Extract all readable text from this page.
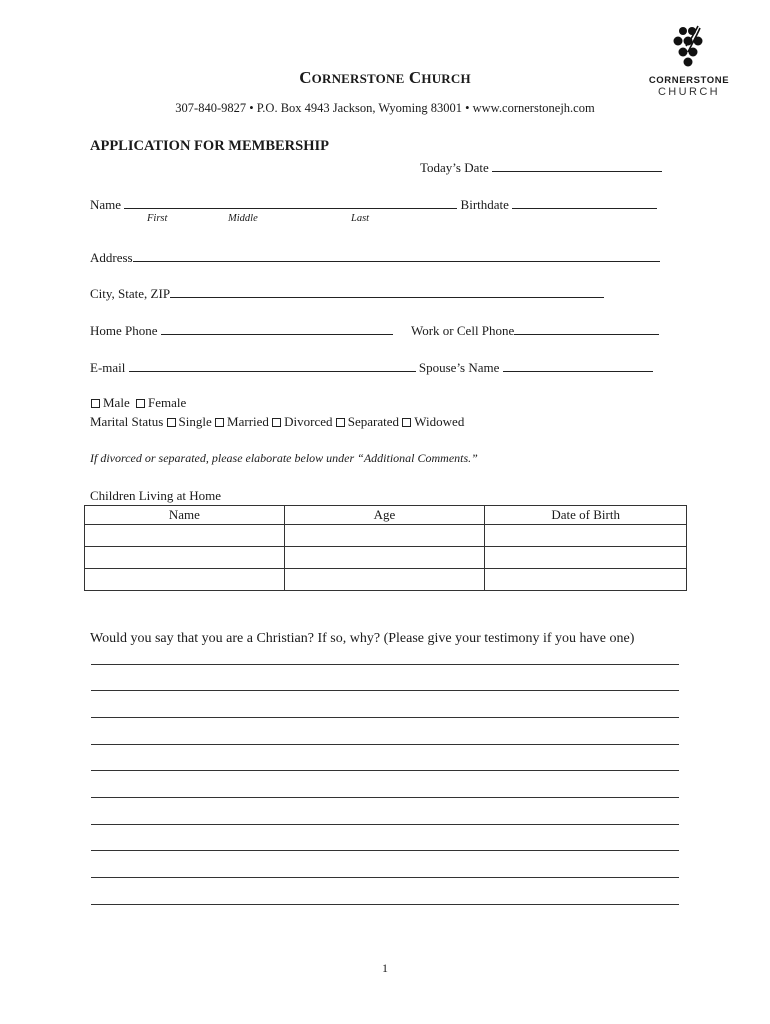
CORNERSTONE CHURCH
307-840-9827 • P.O. Box 4943 Jackson, Wyoming 83001 • www.cornerstonejh.com
CORNERSTONE
CHURCH
APPLICATION FOR MEMBERSHIP
Today’s Date
Name	Birthdate
First	Middle	Last
Address
City, State, ZIP
Home Phone	Work or Cell Phone
E-mail	Spouse’s Name
Male Female
Marital Status Single Married Divorced Separated Widowed
If divorced or separated, please elaborate below under “Additional Comments.”
Children Living at Home
Name	Age	Date of Birth

Would you say that you are a Christian? If so, why? (Please give your testimony if you have one)
1
